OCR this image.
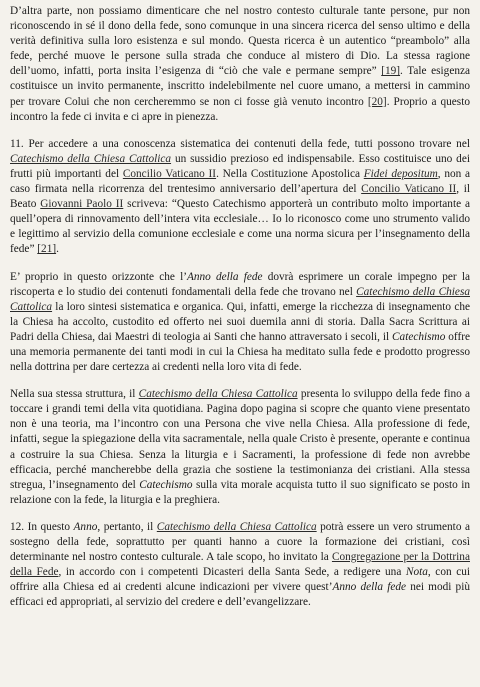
D’altra parte, non possiamo dimenticare che nel nostro contesto culturale tante persone, pur non riconoscendo in sé il dono della fede, sono comunque in una sincera ricerca del senso ultimo e della verità definitiva sulla loro esistenza e sul mondo. Questa ricerca è un autentico “preambolo” alla fede, perché muove le persone sulla strada che conduce al mistero di Dio. La stessa ragione dell’uomo, infatti, porta insita l’esigenza di “ciò che vale e permane sempre” [19]. Tale esigenza costituisce un invito permanente, inscritto indelebilmente nel cuore umano, a mettersi in cammino per trovare Colui che non cercheremmo se non ci fosse già venuto incontro [20]. Proprio a questo incontro la fede ci invita e ci apre in pienezza.

11. Per accedere a una conoscenza sistematica dei contenuti della fede, tutti possono trovare nel Catechismo della Chiesa Cattolica un sussidio prezioso ed indispensabile. Esso costituisce uno dei frutti più importanti del Concilio Vaticano II. Nella Costituzione Apostolica Fidei depositum, non a caso firmata nella ricorrenza del trentesimo anniversario dell’apertura del Concilio Vaticano II, il Beato Giovanni Paolo II scriveva: “Questo Catechismo apporterà un contributo molto importante a quell’opera di rinnovamento dell’intera vita ecclesiale… Io lo riconosco come uno strumento valido e legittimo al servizio della comunione ecclesiale e come una norma sicura per l’insegnamento della fede” [21].

E’ proprio in questo orizzonte che l’Anno della fede dovrà esprimere un corale impegno per la riscoperta e lo studio dei contenuti fondamentali della fede che trovano nel Catechismo della Chiesa Cattolica la loro sintesi sistematica e organica. Qui, infatti, emerge la ricchezza di insegnamento che la Chiesa ha accolto, custodito ed offerto nei suoi duemila anni di storia. Dalla Sacra Scrittura ai Padri della Chiesa, dai Maestri di teologia ai Santi che hanno attraversato i secoli, il Catechismo offre una memoria permanente dei tanti modi in cui la Chiesa ha meditato sulla fede e prodotto progresso nella dottrina per dare certezza ai credenti nella loro vita di fede.

Nella sua stessa struttura, il Catechismo della Chiesa Cattolica presenta lo sviluppo della fede fino a toccare i grandi temi della vita quotidiana. Pagina dopo pagina si scopre che quanto viene presentato non è una teoria, ma l’incontro con una Persona che vive nella Chiesa. Alla professione di fede, infatti, segue la spiegazione della vita sacramentale, nella quale Cristo è presente, operante e continua a costruire la sua Chiesa. Senza la liturgia e i Sacramenti, la professione di fede non avrebbe efficacia, perché mancherebbe della grazia che sostiene la testimonianza dei cristiani. Alla stessa stregua, l’insegnamento del Catechismo sulla vita morale acquista tutto il suo significato se posto in relazione con la fede, la liturgia e la preghiera.

12. In questo Anno, pertanto, il Catechismo della Chiesa Cattolica potrà essere un vero strumento a sostegno della fede, soprattutto per quanti hanno a cuore la formazione dei cristiani, così determinante nel nostro contesto culturale. A tale scopo, ho invitato la Congregazione per la Dottrina della Fede, in accordo con i competenti Dicasteri della Santa Sede, a redigere una Nota, con cui offrire alla Chiesa ed ai credenti alcune indicazioni per vivere quest’Anno della fede nei modi più efficaci ed appropriati, al servizio del credere e dell’evangelizzare.
